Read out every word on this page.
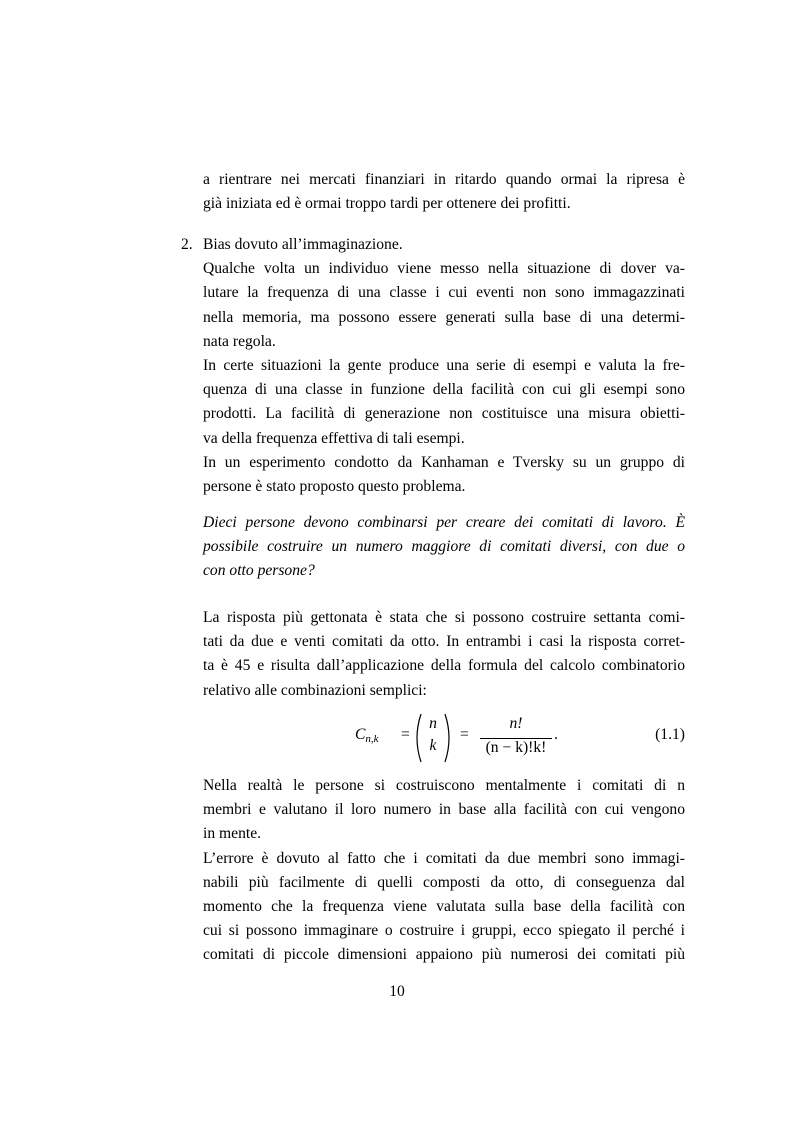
a rientrare nei mercati finanziari in ritardo quando ormai la ripresa è
già iniziata ed è ormai troppo tardi per ottenere dei profitti.
2. Bias dovuto all’immaginazione.
Qualche volta un individuo viene messo nella situazione di dover va-
lutare la frequenza di una classe i cui eventi non sono immagazzinati
nella memoria, ma possono essere generati sulla base di una determi-
nata regola.
In certe situazioni la gente produce una serie di esempi e valuta la fre-
quenza di una classe in funzione della facilità con cui gli esempi sono
prodotti. La facilità di generazione non costituisce una misura obietti-
va della frequenza effettiva di tali esempi.
In un esperimento condotto da Kanhaman e Tversky su un gruppo di
persone è stato proposto questo problema.
Dieci persone devono combinarsi per creare dei comitati di lavoro. È
possibile costruire un numero maggiore di comitati diversi, con due o
con otto persone?
La risposta più gettonata è stata che si possono costruire settanta comi-
tati da due e venti comitati da otto. In entrambi i casi la risposta corret-
ta è 45 e risulta dall’applicazione della formula del calcolo combinatorio
relativo alle combinazioni semplici:
$C_{n,k}$ =
n
k
=
n!
(n − k)!k!
.	(1.1)
Nella realtà le persone si costruiscono mentalmente i comitati di n
membri e valutano il loro numero in base alla facilità con cui vengono
in mente.
L’errore è dovuto al fatto che i comitati da due membri sono immagi-
nabili più facilmente di quelli composti da otto, di conseguenza dal
momento che la frequenza viene valutata sulla base della facilità con
cui si possono immaginare o costruire i gruppi, ecco spiegato il perché i
comitati di piccole dimensioni appaiono più numerosi dei comitati più
10
